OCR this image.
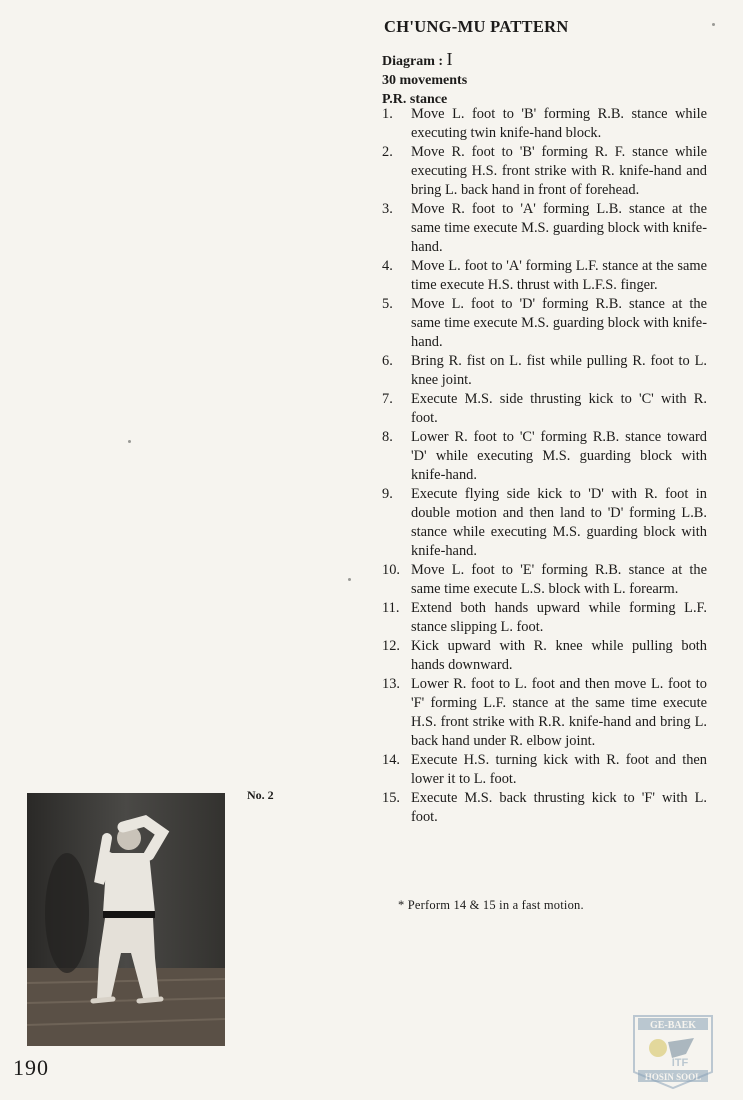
CH'UNG-MU PATTERN
Diagram : I
30 movements
P.R. stance
1.	Move L. foot to 'B' forming R.B. stance while executing twin knife-hand block.
2.	Move R. foot to 'B' forming R. F. stance while executing H.S. front strike with R. knife-hand and bring L. back hand in front of forehead.
3.	Move R. foot to 'A' forming L.B. stance at the same time execute M.S. guarding block with knife-hand.
4.	Move L. foot to 'A' forming L.F. stance at the same time execute H.S. thrust with L.F.S. finger.
5.	Move L. foot to 'D' forming R.B. stance at the same time execute M.S. guarding block with knife-hand.
6.	Bring R. fist on L. fist while pulling R. foot to L. knee joint.
7.	Execute M.S. side thrusting kick to 'C' with R. foot.
8.	Lower R. foot to 'C' forming R.B. stance toward 'D' while executing M.S. guarding block with knife-hand.
9.	Execute flying side kick to 'D' with R. foot in double motion and then land to 'D' forming L.B. stance while executing M.S. guarding block with knife-hand.
10. Move L. foot to 'E' forming R.B. stance at the same time execute L.S. block with L. forearm.
11. Extend both hands upward while forming L.F. stance slipping L. foot.
12. Kick upward with R. knee while pulling both hands downward.
13. Lower R. foot to L. foot and then move L. foot to 'F' forming L.F. stance at the same time execute H.S. front strike with R.R. knife-hand and bring L. back hand under R. elbow joint.
14. Execute H.S. turning kick with R. foot and then lower it to L. foot.
15. Execute M.S. back thrusting kick to 'F' with L. foot.
* Perform 14 & 15 in a fast motion.
No. 2
190
GE-BAEK
ITF
HOSIN SOOL
